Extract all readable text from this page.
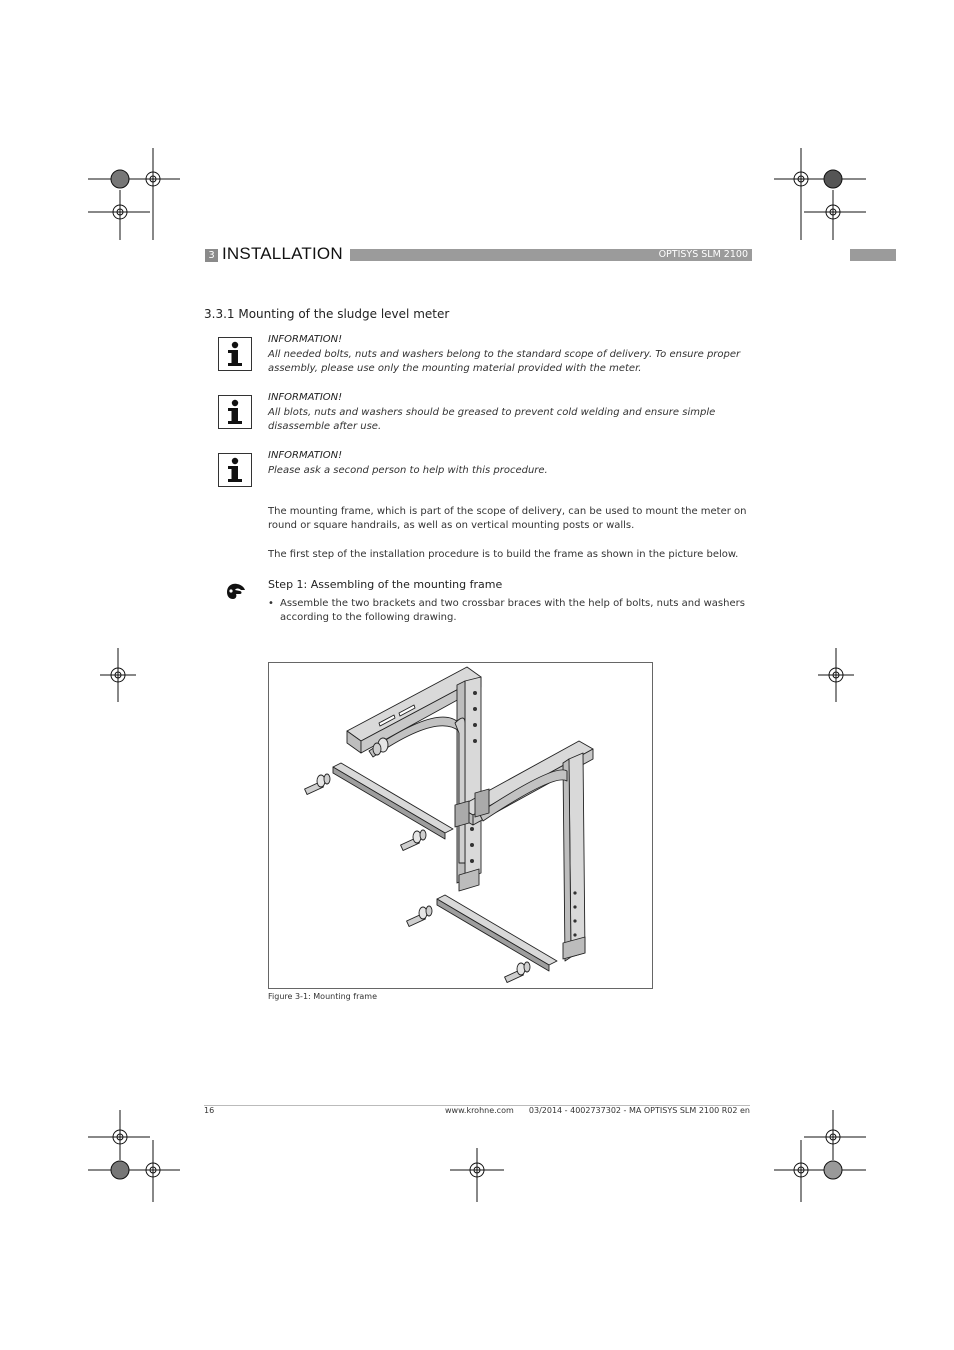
3 INSTALLATION	OPTISYS SLM 2100
3.3.1 Mounting of the sludge level meter
INFORMATION!
All needed bolts, nuts and washers belong to the standard scope of delivery. To ensure proper assembly, please use only the mounting material provided with the meter.
INFORMATION!
All blots, nuts and washers should be greased to prevent cold welding and ensure simple disassemble after use.
INFORMATION!
Please ask a second person to help with this procedure.
The mounting frame, which is part of the scope of delivery, can be used to mount the meter on round or square handrails, as well as on vertical mounting posts or walls.
The first step of the installation procedure is to build the frame as shown in the picture below.
Step 1: Assembling of the mounting frame
• Assemble the two brackets and two crossbar braces with the help of bolts, nuts and washers according to the following drawing.
Figure 3-1: Mounting frame
16	www.krohne.com 03/2014 - 4002737302 - MA OPTISYS SLM 2100 R02 en
